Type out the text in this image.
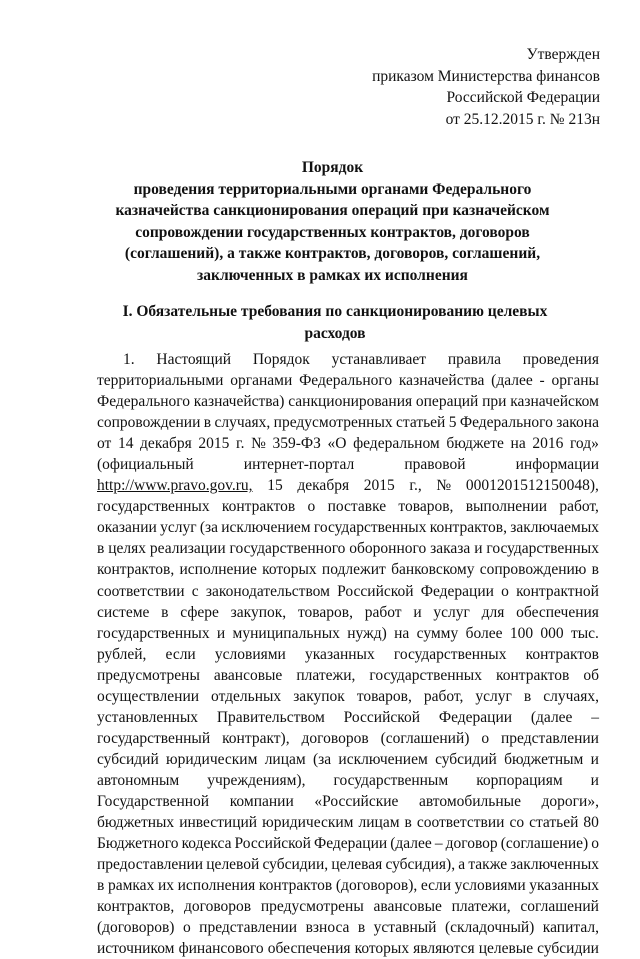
Утвержден
приказом Министерства финансов
Российской Федерации
от 25.12.2015 г. № 213н
Порядок
проведения территориальными органами Федерального казначейства санкционирования операций при казначейском сопровождении государственных контрактов, договоров (соглашений), а также контрактов, договоров, соглашений, заключенных в рамках их исполнения
I. Обязательные требования по санкционированию целевых расходов
1. Настоящий Порядок устанавливает правила проведения
территориальными органами Федерального казначейства (далее - органы
Федерального казначейства) санкционирования операций при казначейском
сопровождении в случаях, предусмотренных статьей 5 Федерального закона
от 14 декабря 2015 г. № 359-ФЗ «О федеральном бюджете на 2016 год»
(официальный	интернет-портал	правовой	информации
http://www.pravo.gov.ru, 15 декабря 2015 г., № 0001201512150048),
государственных контрактов о поставке товаров, выполнении работ,
оказании услуг (за исключением государственных контрактов, заключаемых
в целях реализации государственного оборонного заказа и государственных
контрактов, исполнение которых подлежит банковскому сопровождению в
соответствии с законодательством Российской Федерации о контрактной
системе в сфере закупок, товаров, работ и услуг для обеспечения
государственных и муниципальных нужд) на сумму более 100 000 тыс.
рублей, если условиями указанных государственных контрактов
предусмотрены авансовые платежи, государственных контрактов об
осуществлении отдельных закупок товаров, работ, услуг в случаях,
установленных Правительством Российской Федерации (далее –
государственный контракт), договоров (соглашений) о представлении
субсидий юридическим лицам (за исключением субсидий бюджетным и
автономным учреждениям), государственным корпорациям и
Государственной компании «Российские автомобильные дороги»,
бюджетных инвестиций юридическим лицам в соответствии со статьей 80
Бюджетного кодекса Российской Федерации (далее – договор (соглашение) о
предоставлении целевой субсидии, целевая субсидия), а также заключенных
в рамках их исполнения контрактов (договоров), если условиями указанных
контрактов, договоров предусмотрены авансовые платежи, соглашений
(договоров) о представлении взноса в уставный (складочный) капитал,
источником финансового обеспечения которых являются целевые субсидии
